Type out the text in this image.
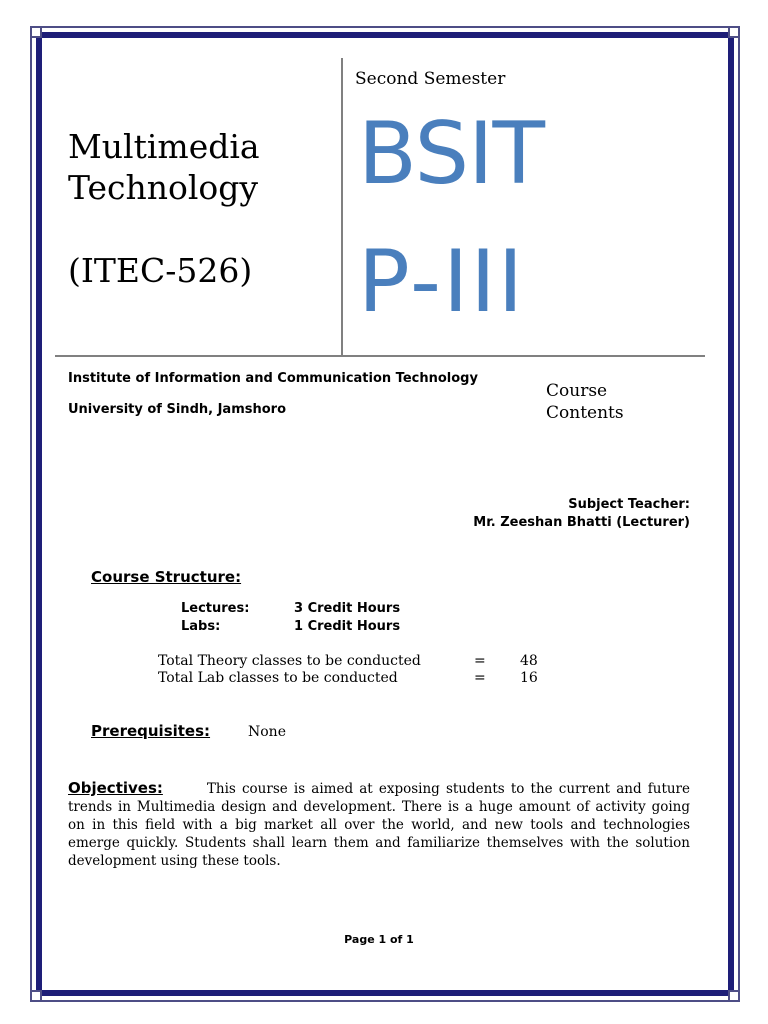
Second Semester
Multimedia Technology
(ITEC-526)
BSIT
P-III
Institute of Information and Communication Technology
University of Sindh, Jamshoro
Course Contents
Subject Teacher:
Mr. Zeeshan Bhatti (Lecturer)
Course Structure:
Lectures:	3 Credit Hours
Labs:	1 Credit Hours
Total Theory classes to be conducted	= 48
Total Lab classes to be conducted	= 16
Prerequisites:	None
Objectives:	This course is aimed at exposing students to the current and future trends in Multimedia design and development. There is a huge amount of activity going on in this field with a big market all over the world, and new tools and technologies emerge quickly. Students shall learn them and familiarize themselves with the solution development using these tools.
Page 1 of 1
